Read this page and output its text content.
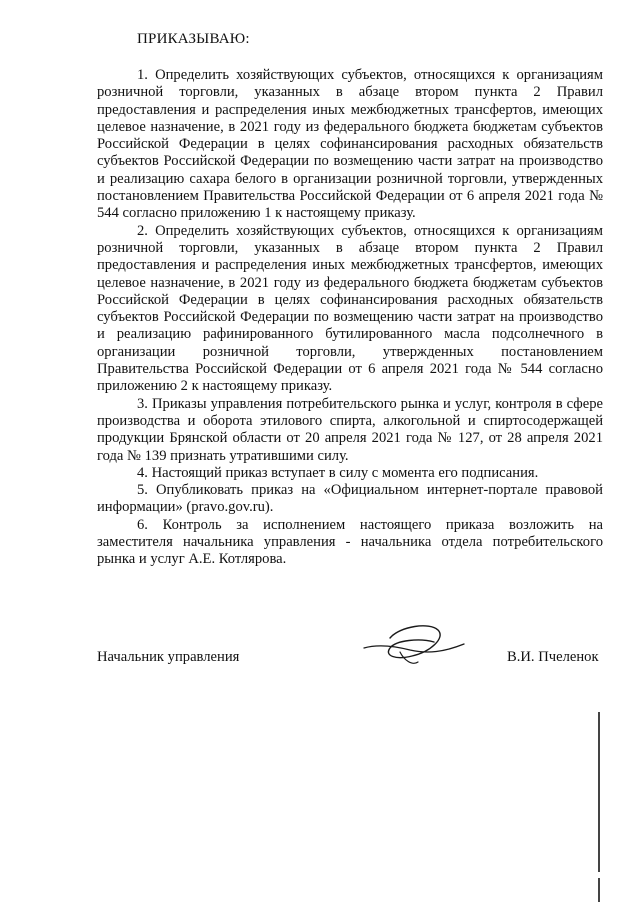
ПРИКАЗЫВАЮ:

1. Определить хозяйствующих субъектов, относящихся к организациям розничной торговли, указанных в абзаце втором пункта 2 Правил предоставления и распределения иных межбюджетных трансфертов, имеющих целевое назначение, в 2021 году из федерального бюджета бюджетам субъектов Российской Федерации в целях софинансирования расходных обязательств субъектов Российской Федерации по возмещению части затрат на производство и реализацию сахара белого в организации розничной торговли, утвержденных постановлением Правительства Российской Федерации от 6 апреля 2021 года № 544 согласно приложению 1 к настоящему приказу.

2. Определить хозяйствующих субъектов, относящихся к организациям розничной торговли, указанных в абзаце втором пункта 2 Правил предоставления и распределения иных межбюджетных трансфертов, имеющих целевое назначение, в 2021 году из федерального бюджета бюджетам субъектов Российской Федерации в целях софинансирования расходных обязательств субъектов Российской Федерации по возмещению части затрат на производство и реализацию рафинированного бутилированного масла подсолнечного в организации розничной торговли, утвержденных постановлением Правительства Российской Федерации от 6 апреля 2021 года № 544 согласно приложению 2 к настоящему приказу.

3. Приказы управления потребительского рынка и услуг, контроля в сфере производства и оборота этилового спирта, алкогольной и спиртосодержащей продукции Брянской области от 20 апреля 2021 года № 127, от 28 апреля 2021 года № 139 признать утратившими силу.

4. Настоящий приказ вступает в силу с момента его подписания.

5. Опубликовать приказ на «Официальном интернет-портале правовой информации» (pravo.gov.ru).

6. Контроль за исполнением настоящего приказа возложить на заместителя начальника управления - начальника отдела потребительского рынка и услуг А.Е. Котлярова.

Начальник управления	В.И. Пчеленок
